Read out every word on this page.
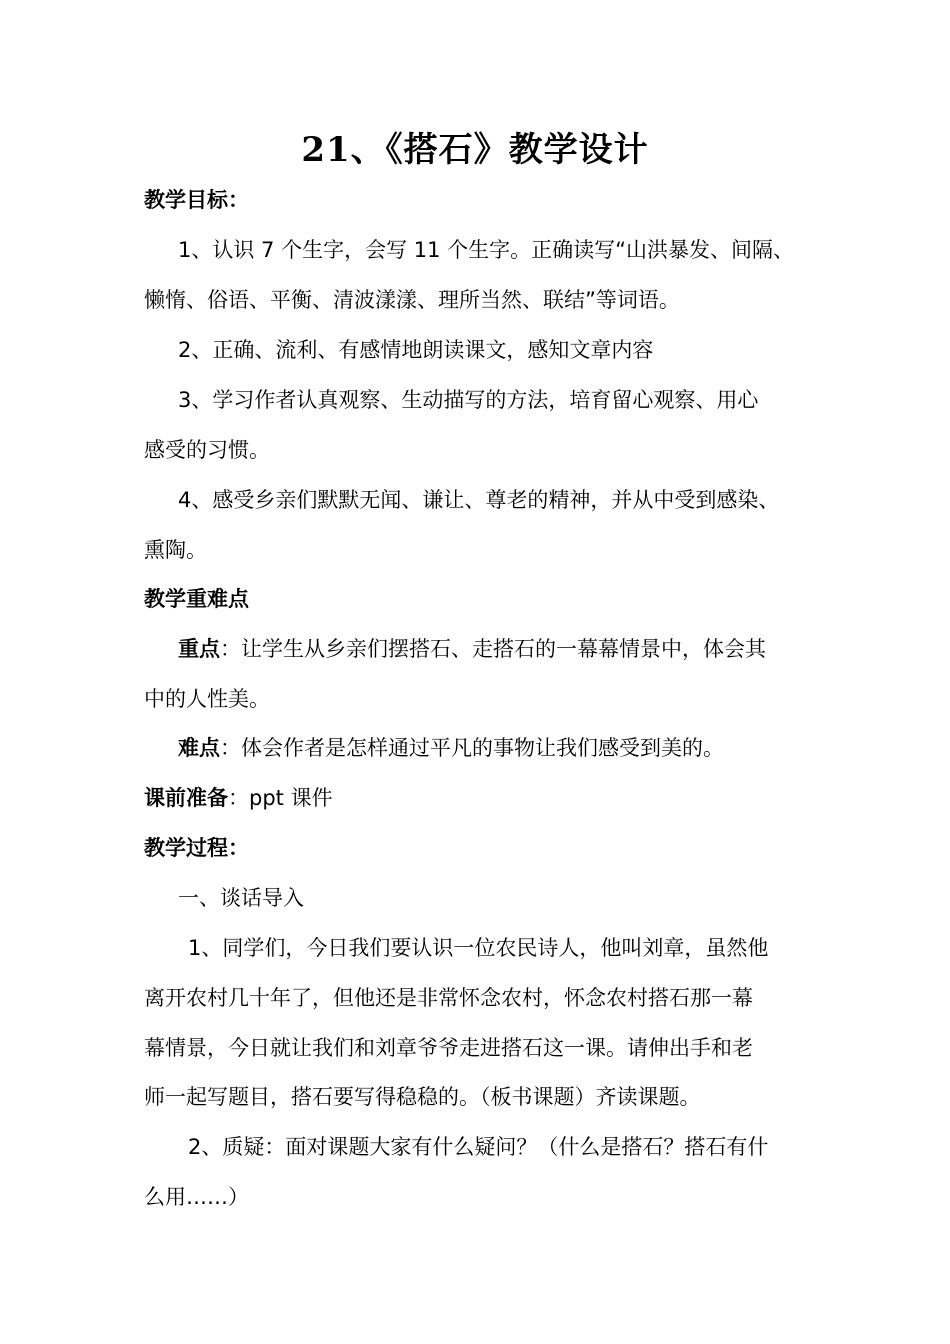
21、《搭石》教学设计
教学目标：
1、认识 7 个生字，会写 11 个生字。正确读写“山洪暴发、间隔、
懒惰、俗语、平衡、清波漾漾、理所当然、联结”等词语。
2、正确、流利、有感情地朗读课文，感知文章内容
3、学习作者认真观察、生动描写的方法，培育留心观察、用心
感受的习惯。
4、感受乡亲们默默无闻、谦让、尊老的精神，并从中受到感染、
熏陶。
教学重难点
重点：让学生从乡亲们摆搭石、走搭石的一幕幕情景中，体会其
中的人性美。
难点：体会作者是怎样通过平凡的事物让我们感受到美的。
课前准备：ppt 课件
教学过程：
一、谈话导入
1、同学们，今日我们要认识一位农民诗人，他叫刘章，虽然他
离开农村几十年了，但他还是非常怀念农村，怀念农村搭石那一幕
幕情景，今日就让我们和刘章爷爷走进搭石这一课。请伸出手和老
师一起写题目，搭石要写得稳稳的。（板书课题）齐读课题。
2、质疑：面对课题大家有什么疑问？（什么是搭石？搭石有什
么用……）
